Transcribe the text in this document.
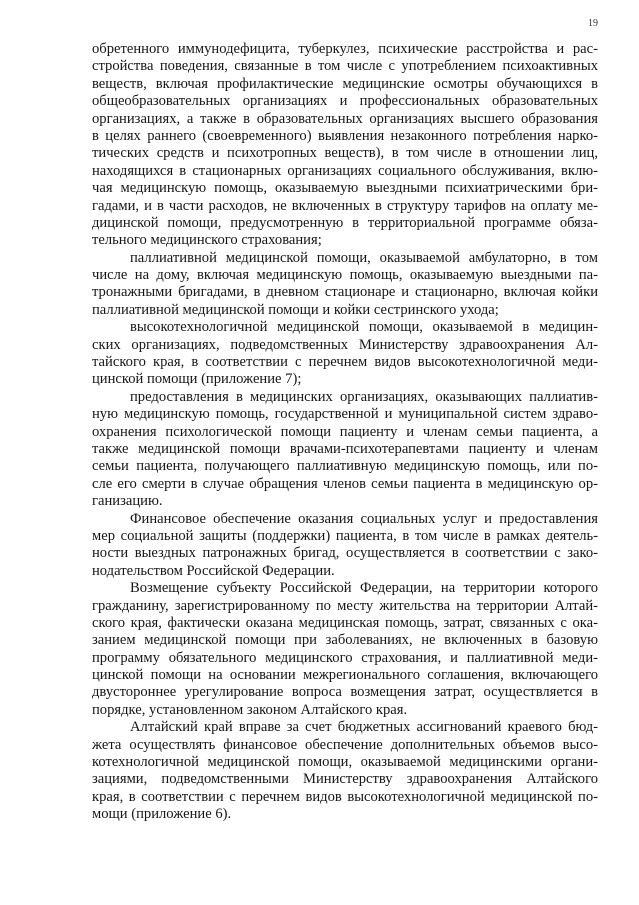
19
обретенного иммунодефицита, туберкулез, психические расстройства и рас-
стройства поведения, связанные в том числе с употреблением психоактивных
веществ, включая профилактические медицинские осмотры обучающихся в
общеобразовательных организациях и профессиональных образовательных
организациях, а также в образовательных организациях высшего образования
в целях раннего (своевременного) выявления незаконного потребления нарко-
тических средств и психотропных веществ), в том числе в отношении лиц,
находящихся в стационарных организациях социального обслуживания, вклю-
чая медицинскую помощь, оказываемую выездными психиатрическими бри-
гадами, и в части расходов, не включенных в структуру тарифов на оплату ме-
дицинской помощи, предусмотренную в территориальной программе обяза-
тельного медицинского страхования;
паллиативной медицинской помощи, оказываемой амбулаторно, в том
числе на дому, включая медицинскую помощь, оказываемую выездными па-
тронажными бригадами, в дневном стационаре и стационарно, включая койки
паллиативной медицинской помощи и койки сестринского ухода;
высокотехнологичной медицинской помощи, оказываемой в медицин-
ских организациях, подведомственных Министерству здравоохранения Ал-
тайского края, в соответствии с перечнем видов высокотехнологичной меди-
цинской помощи (приложение 7);
предоставления в медицинских организациях, оказывающих паллиатив-
ную медицинскую помощь, государственной и муниципальной систем здраво-
охранения психологической помощи пациенту и членам семьи пациента, а
также медицинской помощи врачами-психотерапевтами пациенту и членам
семьи пациента, получающего паллиативную медицинскую помощь, или по-
сле его смерти в случае обращения членов семьи пациента в медицинскую ор-
ганизацию.
Финансовое обеспечение оказания социальных услуг и предоставления
мер социальной защиты (поддержки) пациента, в том числе в рамках деятель-
ности выездных патронажных бригад, осуществляется в соответствии с зако-
нодательством Российской Федерации.
Возмещение субъекту Российской Федерации, на территории которого
гражданину, зарегистрированному по месту жительства на территории Алтай-
ского края, фактически оказана медицинская помощь, затрат, связанных с ока-
занием медицинской помощи при заболеваниях, не включенных в базовую
программу обязательного медицинского страхования, и паллиативной меди-
цинской помощи на основании межрегионального соглашения, включающего
двустороннее урегулирование вопроса возмещения затрат, осуществляется в
порядке, установленном законом Алтайского края.
Алтайский край вправе за счет бюджетных ассигнований краевого бюд-
жета осуществлять финансовое обеспечение дополнительных объемов высо-
котехнологичной медицинской помощи, оказываемой медицинскими органи-
зациями, подведомственными Министерству здравоохранения Алтайского
края, в соответствии с перечнем видов высокотехнологичной медицинской по-
мощи (приложение 6).
